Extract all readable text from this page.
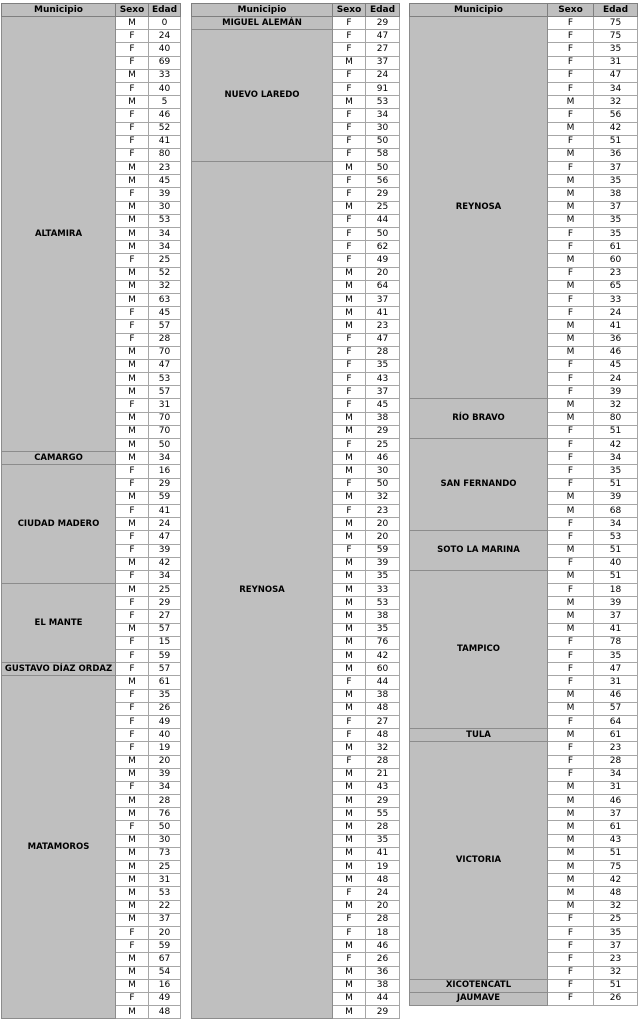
Municipio	Sexo	Edad
ALTAMIRA	M	0
	F	24
	F	40
	F	69
	M	33
	F	40
	M	5
	F	46
	F	52
	F	41
	F	80
	M	23
	M	45
	F	39
	M	30
	M	53
	M	34
	M	34
	F	25
	M	52
	M	32
	M	63
	F	45
	F	57
	F	28
	M	70
	M	47
	M	53
	M	57
	F	31
	M	70
	M	70
	M	50
CAMARGO	M	34
CIUDAD MADERO	F	16
	F	29
	M	59
	F	41
	M	24
	F	47
	F	39
	M	42
	F	34
EL MANTE	M	25
	F	29
	F	27
	M	57
	F	15
	F	59
GUSTAVO DÍAZ ORDAZ	F	57
MATAMOROS	M	61
	F	35
	F	26
	F	49
	F	40
	F	19
	M	20
	M	39
	F	34
	M	28
	M	76
	F	50
	M	30
	M	73
	M	25
	M	31
	M	53
	M	22
	M	37
	F	20
	F	59
	M	67
	M	54
	M	16
	F	49
	M	48
Municipio	Sexo	Edad
MIGUEL ALEMÁN	F	29
NUEVO LAREDO	F	47
	F	27
	M	37
	F	24
	F	91
	M	53
	F	34
	F	30
	F	50
	F	58
REYNOSA	M	50
	F	56
	F	29
	M	25
	F	44
	F	50
	F	62
	F	49
	M	20
	M	64
	M	37
	M	41
	M	23
	F	47
	F	28
	F	35
	F	43
	F	37
	F	45
	M	38
	M	29
	F	25
	M	46
	M	30
	F	50
	M	32
	F	23
	M	20
	M	20
	F	59
	M	39
	M	35
	M	33
	M	53
	M	38
	M	35
	M	76
	M	42
	M	60
	F	44
	M	38
	M	48
	F	27
	F	48
	M	32
	F	28
	M	21
	M	43
	M	29
	M	55
	M	28
	M	35
	M	41
	M	19
	M	48
	F	24
	M	20
	F	28
	F	18
	M	46
	F	26
	M	36
	M	38
	M	44
	M	29
Municipio	Sexo	Edad
REYNOSA	F	75
	F	75
	F	35
	F	31
	F	47
	F	34
	M	32
	F	56
	M	42
	F	51
	M	36
	F	37
	M	35
	M	38
	M	37
	M	35
	F	35
	F	61
	M	60
	F	23
	M	65
	F	33
	F	24
	M	41
	M	36
	M	46
	F	45
	F	24
	F	39
RÍO BRAVO	M	32
	M	80
	F	51
SAN FERNANDO	F	42
	F	34
	F	35
	F	51
	M	39
	M	68
	F	34
SOTO LA MARINA	F	53
	M	51
	F	40
TAMPICO	M	51
	F	18
	M	39
	M	37
	M	41
	F	78
	F	35
	F	47
	F	31
	M	46
	M	57
	F	64
TULA	M	61
VICTORIA	F	23
	F	28
	F	34
	M	31
	M	46
	M	37
	M	61
	M	43
	M	51
	M	75
	M	42
	M	48
	M	32
	F	25
	F	35
	F	37
	F	23
	F	32
XICOTÉNCATL	F	51
JAUMAVE	F	26
